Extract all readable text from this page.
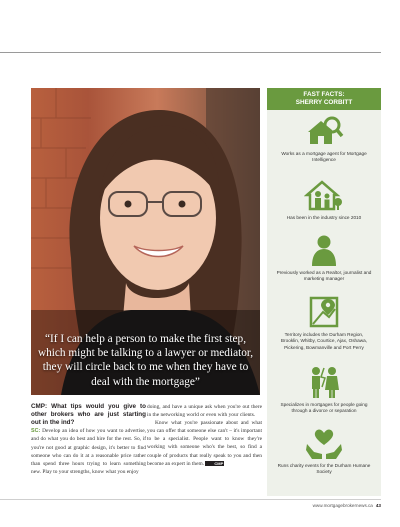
“If I can help a person to make the first step, which might be talking to a lawyer or mediator, they will circle back to me when they have to deal with the mortgage”
FAST FACTS:
SHERRY CORBITT
Works as a mortgage agent for Mortgage Intelligence
Has been in the industry since 2010
Previously worked as a Realtor, journalist and marketing manager
Territory includes the Durham Region, Brooklin, Whitby, Courtice, Ajax, Oshawa, Pickering, Bowmanville and Port Perry
Specializes in mortgages for people going through a divorce or separation
Runs charity events for the Durham Humane Society
CMP: What tips would you give to other brokers who are just starting out in the ind?

SC: Develop an idea of how you want to advertise, and do what you do best and hire for the rest. So, if you're not good at graphic design, it's better to find someone who can do it at a reasonable price rather than spend three hours trying to learn something new. Play to your strengths, know what you enjoy

doing, and have a unique ask when you're out there in the networking world or even with your clients.

Know what you're passionate about and what you can offer that someone else can't – it's important to be a specialist. People want to know they're working with someone who's the best, so find a couple of products that really speak to you and then become an expert in them.	CMP

www.mortgagebrokernews.ca 43
